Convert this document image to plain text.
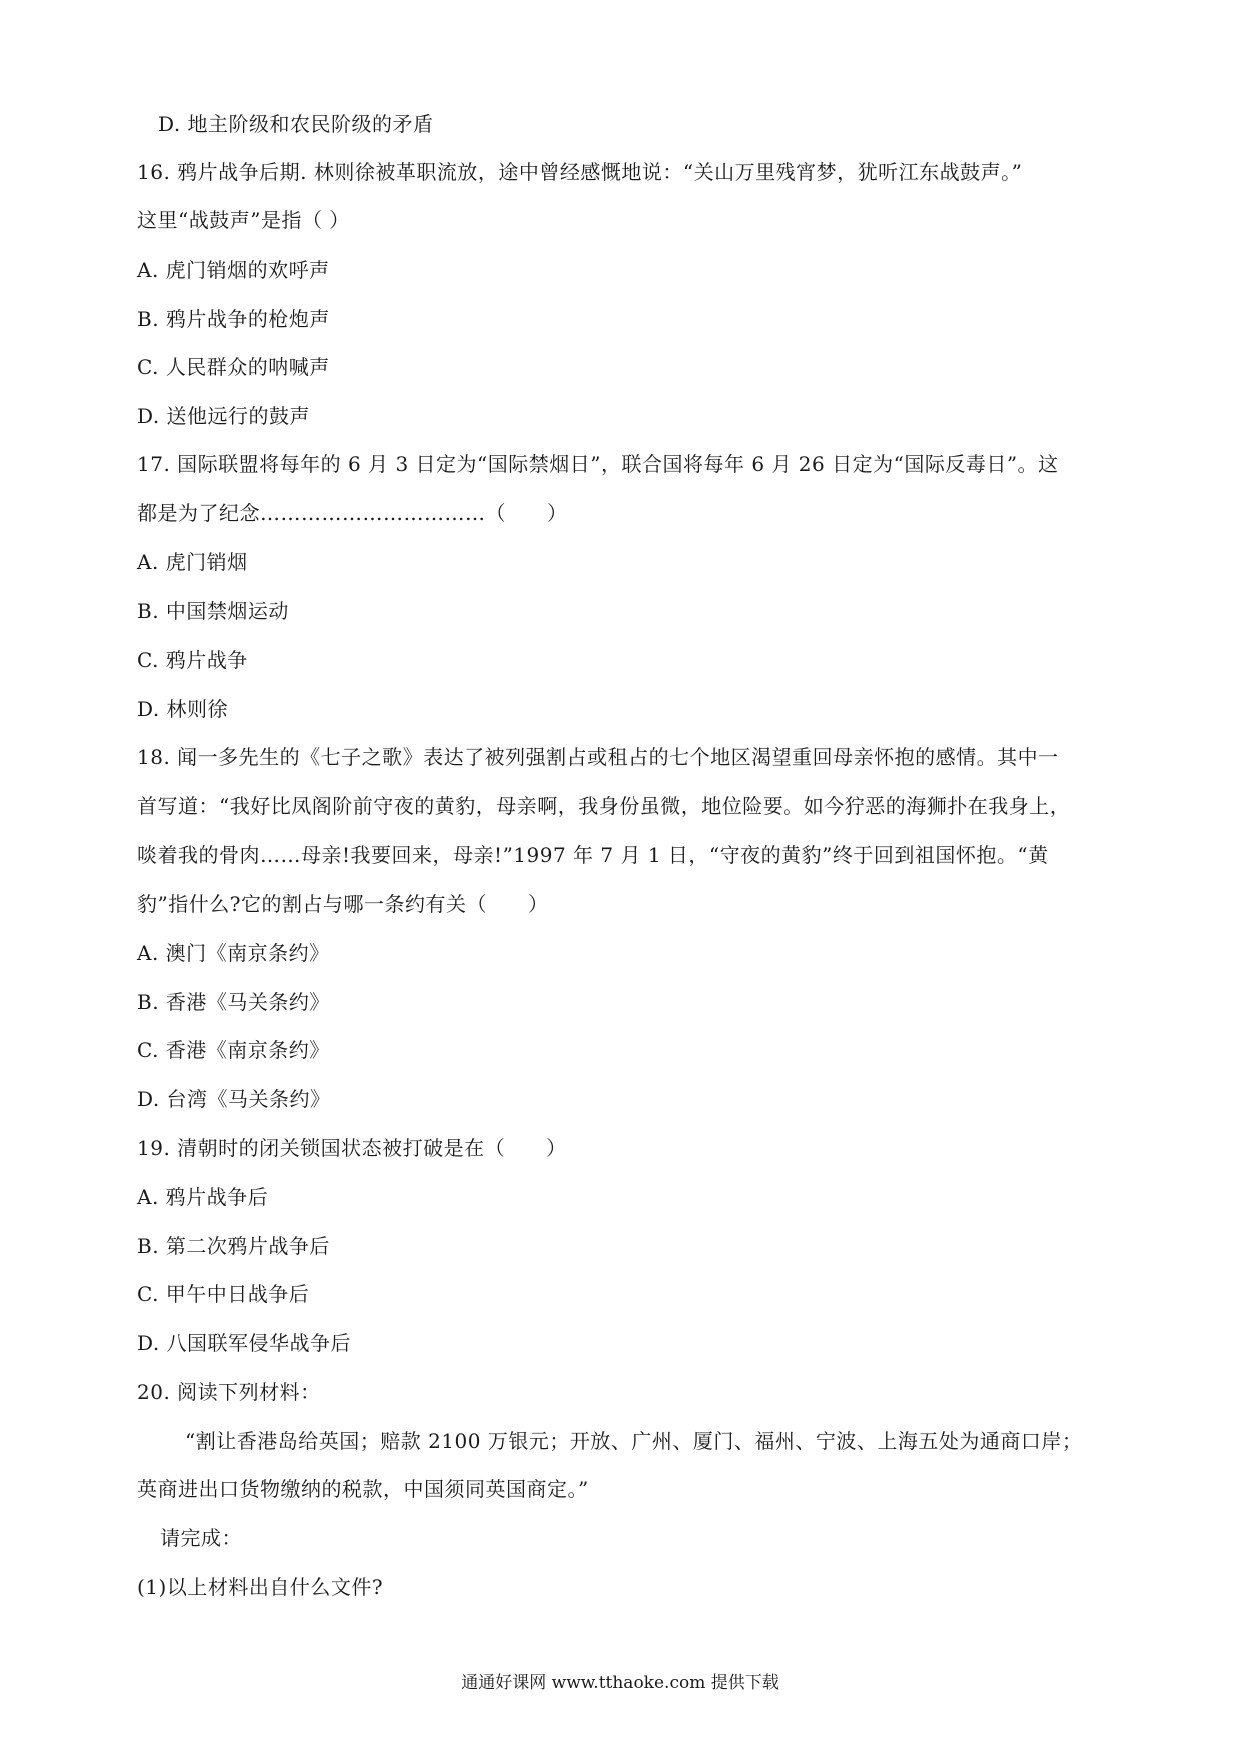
D. 地主阶级和农民阶级的矛盾
16. 鸦片战争后期. 林则徐被革职流放，途中曾经感慨地说：“关山万里残宵梦，犹听江东战鼓声。”
这里“战鼓声”是指（ ）
A. 虎门销烟的欢呼声
B. 鸦片战争的枪炮声
C. 人民群众的呐喊声
D. 送他远行的鼓声
17. 国际联盟将每年的 6 月 3 日定为“国际禁烟日”，联合国将每年 6 月 26 日定为“国际反毒日”。这
都是为了纪念……………………………（　　）
A. 虎门销烟
B. 中国禁烟运动
C. 鸦片战争
D. 林则徐
18. 闻一多先生的《七子之歌》表达了被列强割占或租占的七个地区渴望重回母亲怀抱的感情。其中一
首写道：“我好比凤阁阶前守夜的黄豹，母亲啊，我身份虽微，地位险要。如今狞恶的海狮扑在我身上，
啖着我的骨肉……母亲!我要回来，母亲!”1997 年 7 月 1 日，“守夜的黄豹”终于回到祖国怀抱。“黄
豹”指什么?它的割占与哪一条约有关（　　）
A. 澳门《南京条约》
B. 香港《马关条约》
C. 香港《南京条约》
D. 台湾《马关条约》
19. 清朝时的闭关锁国状态被打破是在（　　）
A. 鸦片战争后
B. 第二次鸦片战争后
C. 甲午中日战争后
D. 八国联军侵华战争后
20. 阅读下列材料：
“割让香港岛给英国；赔款 2100 万银元；开放、广州、厦门、福州、宁波、上海五处为通商口岸；
英商进出口货物缴纳的税款，中国须同英国商定。”
请完成：
(1)以上材料出自什么文件?
通通好课网 www.tthaoke.com 提供下载
